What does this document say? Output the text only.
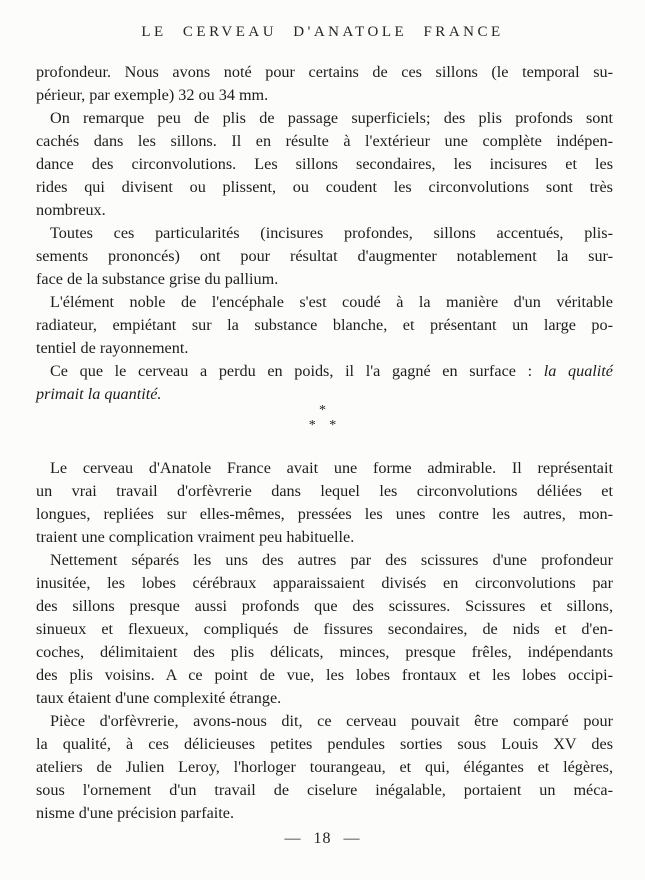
LE CERVEAU D'ANATOLE FRANCE
profondeur. Nous avons noté pour certains de ces sillons (le temporal su-
périeur, par exemple) 32 ou 34 mm.
On remarque peu de plis de passage superficiels; des plis profonds sont
cachés dans les sillons. Il en résulte à l'extérieur une complète indépen-
dance des circonvolutions. Les sillons secondaires, les incisures et les
rides qui divisent ou plissent, ou coudent les circonvolutions sont très
nombreux.
Toutes ces particularités (incisures profondes, sillons accentués, plis-
sements prononcés) ont pour résultat d'augmenter notablement la sur-
face de la substance grise du pallium.
L'élément noble de l'encéphale s'est coudé à la manière d'un véritable
radiateur, empiétant sur la substance blanche, et présentant un large po-
tentiel de rayonnement.
Ce que le cerveau a perdu en poids, il l'a gagné en surface : la qualité
primait la quantité.
*
* *
Le cerveau d'Anatole France avait une forme admirable. Il représentait
un vrai travail d'orfèvrerie dans lequel les circonvolutions déliées et
longues, repliées sur elles-mêmes, pressées les unes contre les autres, mon-
traient une complication vraiment peu habituelle.
Nettement séparés les uns des autres par des scissures d'une profondeur
inusitée, les lobes cérébraux apparaissaient divisés en circonvolutions par
des sillons presque aussi profonds que des scissures. Scissures et sillons,
sinueux et flexueux, compliqués de fissures secondaires, de nids et d'en-
coches, délimitaient des plis délicats, minces, presque frêles, indépendants
des plis voisins. A ce point de vue, les lobes frontaux et les lobes occipi-
taux étaient d'une complexité étrange.
Pièce d'orfèvrerie, avons-nous dit, ce cerveau pouvait être comparé pour
la qualité, à ces délicieuses petites pendules sorties sous Louis XV des
ateliers de Julien Leroy, l'horloger tourangeau, et qui, élégantes et légères,
sous l'ornement d'un travail de ciselure inégalable, portaient un méca-
nisme d'une précision parfaite.
— 18 —
